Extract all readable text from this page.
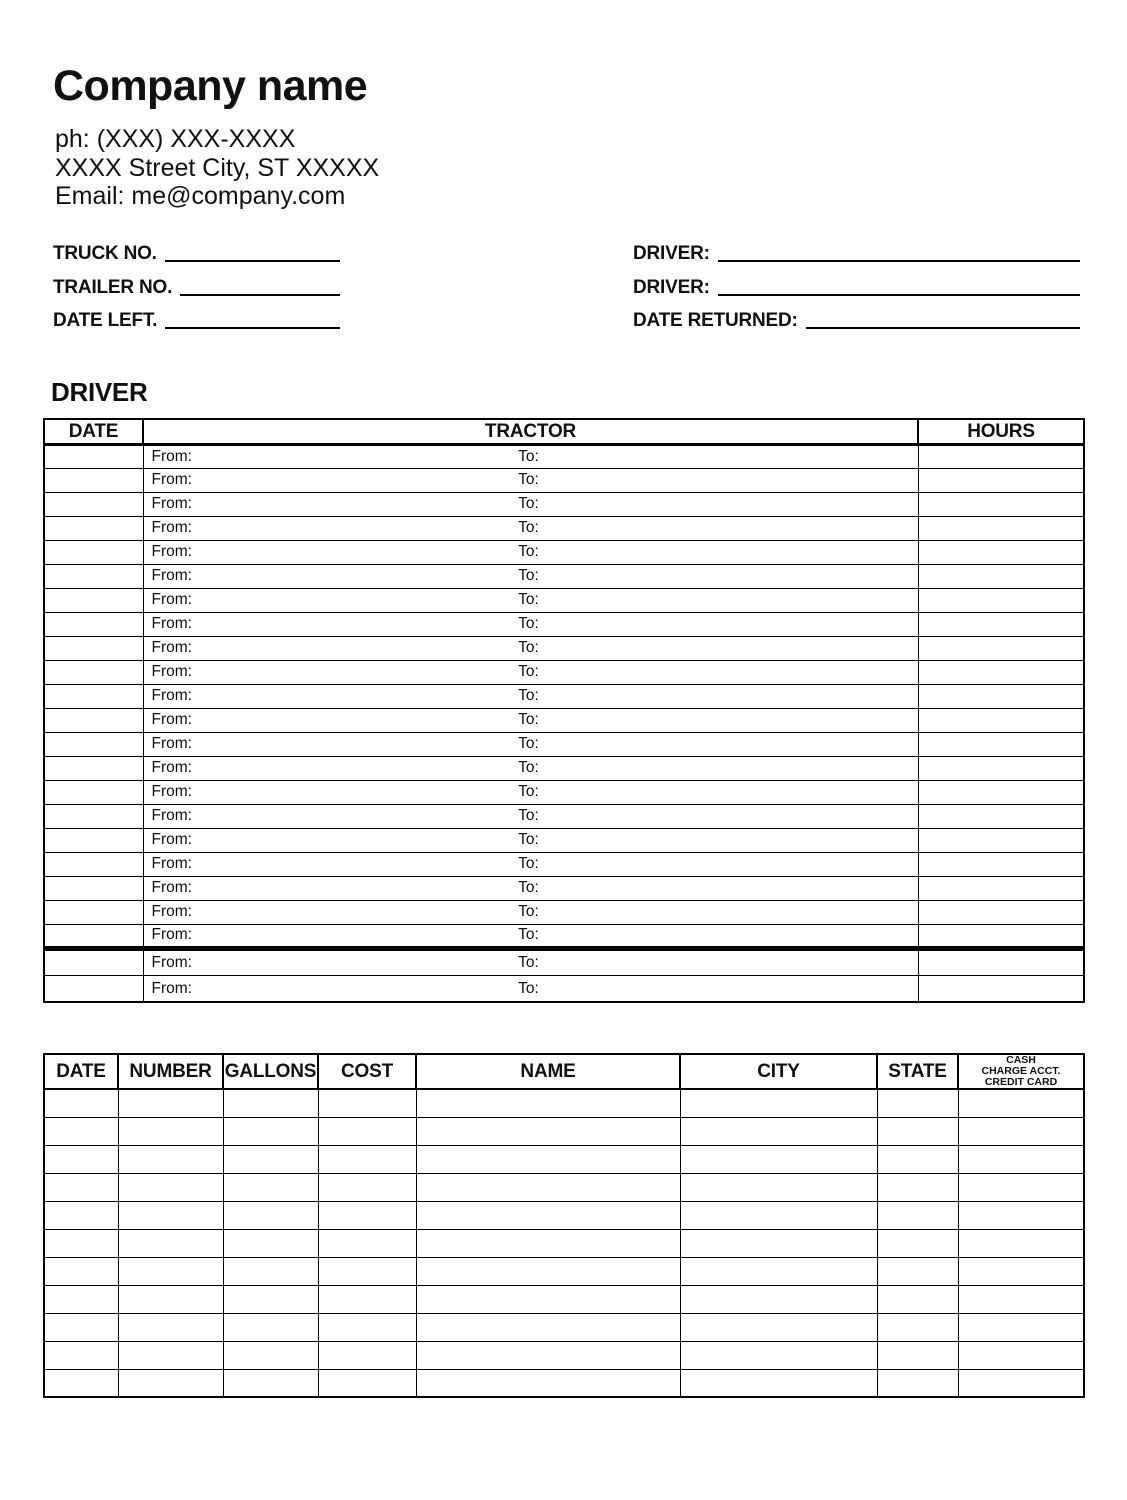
Company name
ph: (XXX) XXX-XXXX
XXXX Street City, ST XXXXX
Email: me@company.com
TRUCK NO.
TRAILER NO.
DATE LEFT.
DRIVER:
DRIVER:
DATE RETURNED:
DRIVER
DATE	TRACTOR	HOURS
	From: To:	

	From: To:	

	From: To:	

	From: To:	

	From: To:	

	From: To:	

	From: To:	

	From: To:	

	From: To:	

	From: To:	

	From: To:	

	From: To:	

	From: To:	

	From: To:	

	From: To:	

	From: To:	

	From: To:	

	From: To:	

	From: To:	

	From: To:	

	From: To:	

	From: To:	

	From: To:	

DATE	NUMBER	GALLONS	COST	NAME	CITY	STATE	CASH
CHARGE ACCT.
CREDIT CARD
